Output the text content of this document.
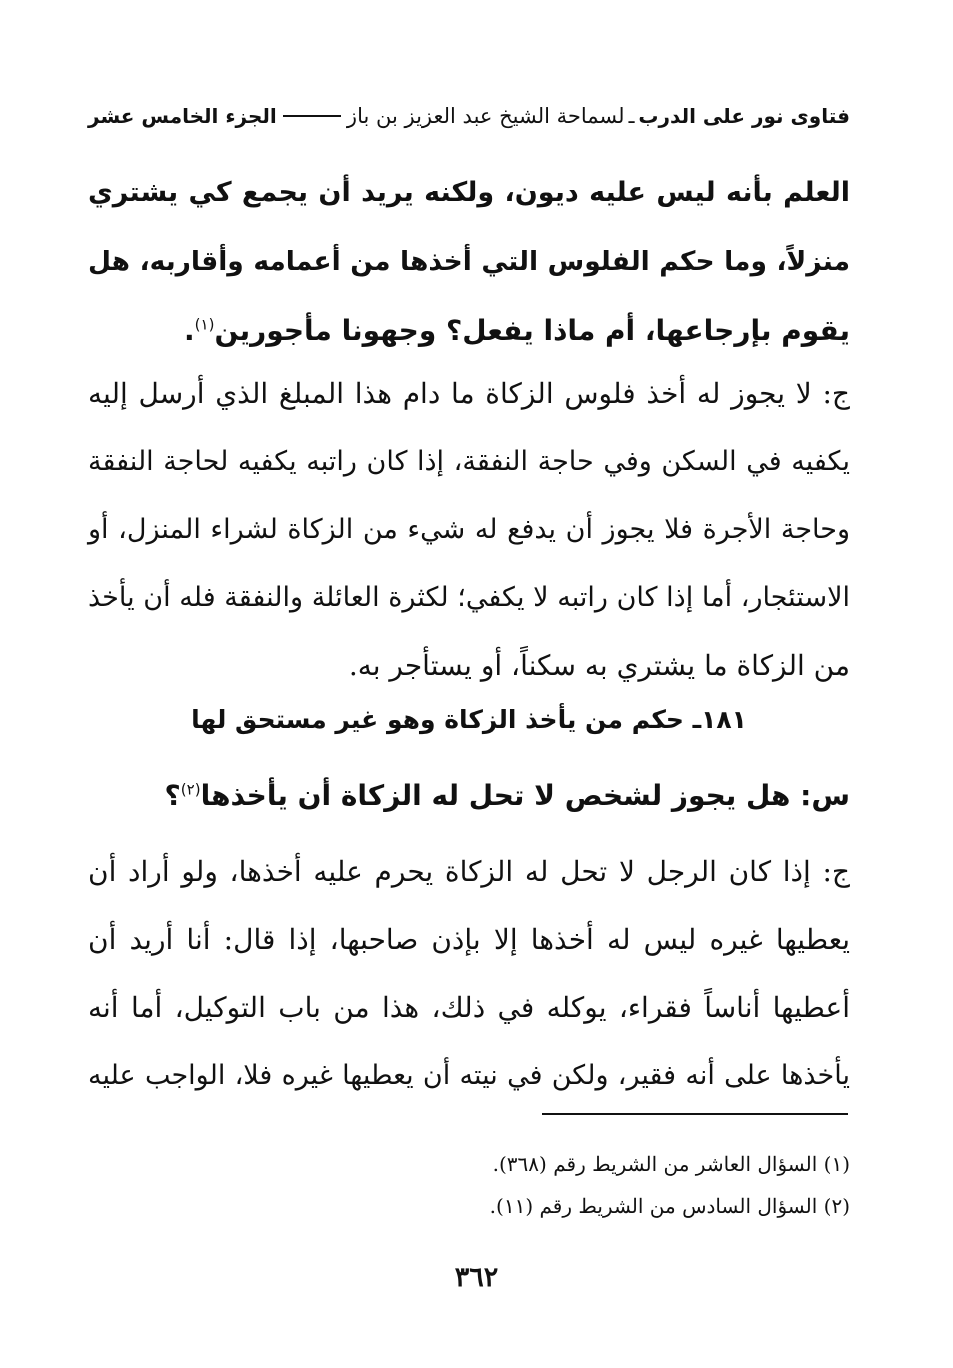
فتاوى نور على الدرب
ـ
لسماحة الشيخ عبد العزيز بن باز
الجزء الخامس عشر
العلم بأنه ليس عليه ديون، ولكنه يريد أن يجمع كي يشتري
منزلاً، وما حكم الفلوس التي أخذها من أعمامه وأقاربه، هل
يقوم بإرجاعها، أم ماذا يفعل؟ وجهونا مأجورين$^{(١)}$.
ج: لا يجوز له أخذ فلوس الزكاة ما دام هذا المبلغ الذي أرسل إليه
يكفيه في السكن وفي حاجة النفقة، إذا كان راتبه يكفيه لحاجة النفقة
وحاجة الأجرة فلا يجوز أن يدفع له شيء من الزكاة لشراء المنزل، أو
الاستئجار، أما إذا كان راتبه لا يكفي؛ لكثرة العائلة والنفقة فله أن يأخذ
من الزكاة ما يشتري به سكناً، أو يستأجر به.
١٨١ـ حكم من يأخذ الزكاة وهو غير مستحق لها
س: هل يجوز لشخص لا تحل له الزكاة أن يأخذها$^{(٢)}$؟
ج: إذا كان الرجل لا تحل له الزكاة يحرم عليه أخذها، ولو أراد أن
يعطيها غيره ليس له أخذها إلا بإذن صاحبها، إذا قال: أنا أريد أن
أعطيها أناساً فقراء، يوكله في ذلك، هذا من باب التوكيل، أما أنه
يأخذها على أنه فقير، ولكن في نيته أن يعطيها غيره فلا، الواجب عليه
(١) السؤال العاشر من الشريط رقم (٣٦٨).
(٢) السؤال السادس من الشريط رقم (١١).
٣٦٢
